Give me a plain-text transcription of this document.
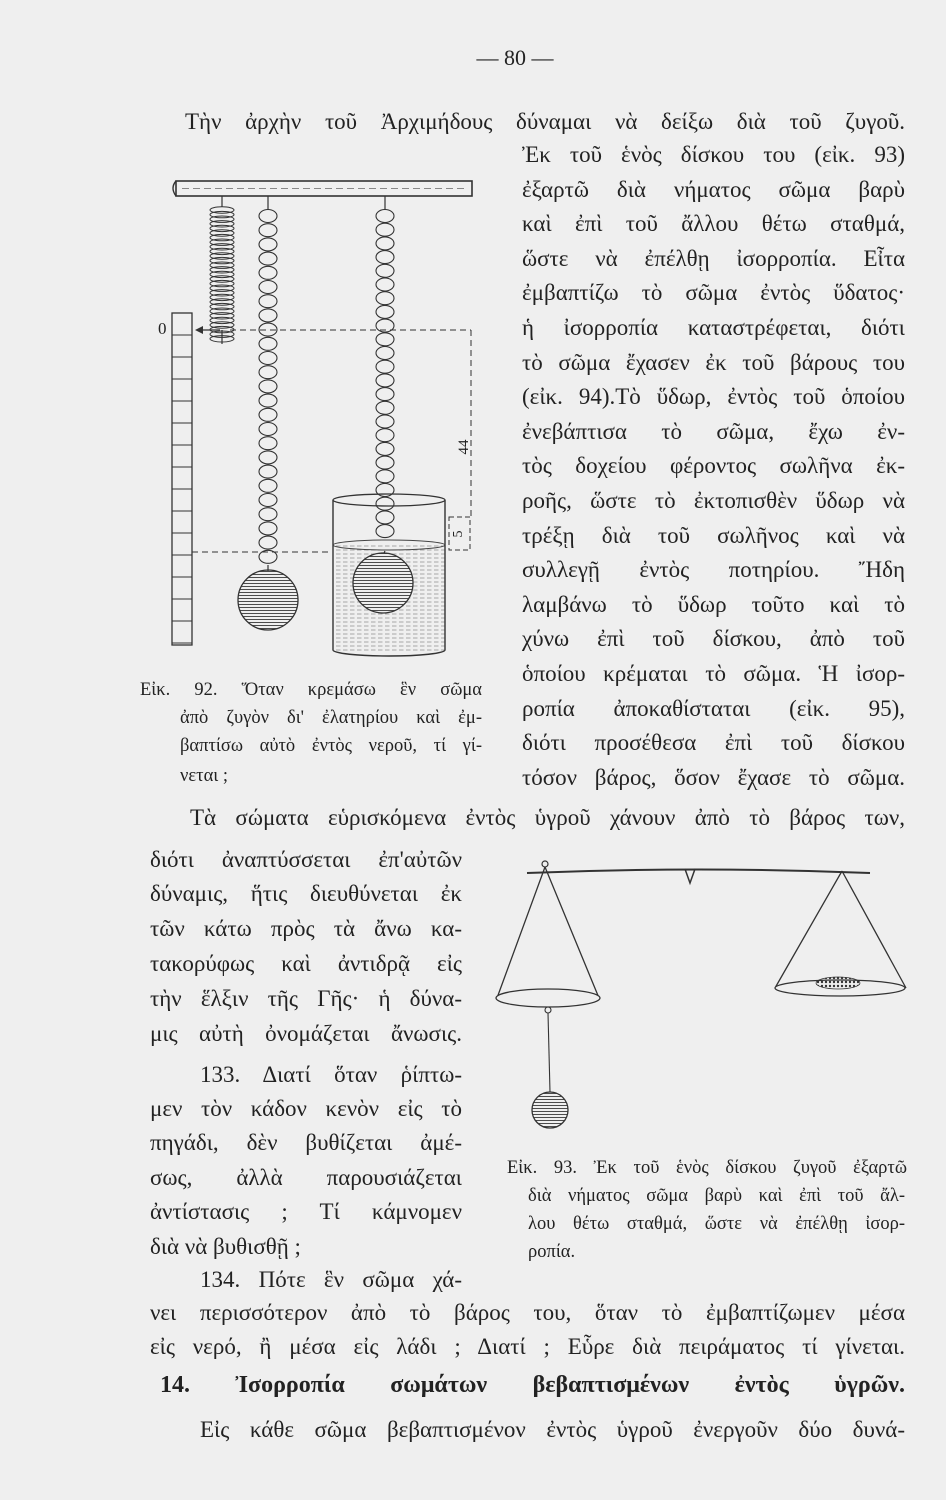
— 80 —
Τὴν ἀρχὴν τοῦ Ἀρχιμήδους δύναμαι νὰ δείξω διὰ τοῦ ζυγοῦ.
Ἐκ τοῦ ἑνὸς δίσκου του (εἰκ. 93)
ἐξαρτῶ διὰ νήματος σῶμα βαρὺ
καὶ ἐπὶ τοῦ ἄλλου θέτω σταθμά,
ὥστε νὰ ἐπέλθῃ ἰσορροπία. Εἶτα
ἐμβαπτίζω τὸ σῶμα ἐντὸς ὕδατος·
ἡ ἰσορροπία καταστρέφεται, διότι
τὸ σῶμα ἔχασεν ἐκ τοῦ βάρους του
(εἰκ. 94).Τὸ ὕδωρ, ἐντὸς τοῦ ὁποίου
ἐνεβάπτισα τὸ σῶμα, ἔχω ἐν-
τὸς δοχείου φέροντος σωλῆνα ἐκ-
ροῆς, ὥστε τὸ ἐκτοπισθὲν ὕδωρ νὰ
τρέξῃ διὰ τοῦ σωλῆνος καὶ νὰ
συλλεγῇ ἐντὸς ποτηρίου. Ἤδη
λαμβάνω τὸ ὕδωρ τοῦτο καὶ τὸ
χύνω ἐπὶ τοῦ δίσκου, ἀπὸ τοῦ
ὁποίου κρέμαται τὸ σῶμα. Ἡ ἰσορ-
ροπία ἀποκαθίσταται (εἰκ. 95),
διότι προσέθεσα ἐπὶ τοῦ δίσκου
τόσον βάρος, ὅσον ἔχασε τὸ σῶμα.
0
44
5
Εἰκ. 92. Ὅταν κρεμάσω ἓν σῶμα
ἀπὸ ζυγὸν δι' ἐλατηρίου καὶ ἐμ-
βαπτίσω αὐτὸ ἐντὸς νεροῦ, τί γί-
νεται ;
Τὰ σώματα εὑρισκόμενα ἐντὸς ὑγροῦ χάνουν ἀπὸ τὸ βάρος των,
διότι ἀναπτύσσεται ἐπ'αὐτῶν
δύναμις, ἥτις διευθύνεται ἐκ
τῶν κάτω πρὸς τὰ ἄνω κα-
τακορύφως καὶ ἀντιδρᾷ εἰς
τὴν ἕλξιν τῆς Γῆς· ἡ δύνα-
μις αὐτὴ ὀνομάζεται ἄνωσις.
133. Διατί ὅταν ῥίπτω-
μεν τὸν κάδον κενὸν εἰς τὸ
πηγάδι, δὲν βυθίζεται ἀμέ-
σως, ἀλλὰ παρουσιάζεται
ἀντίστασις ; Τί κάμνομεν
διὰ νὰ βυθισθῇ ;
134. Πότε ἓν σῶμα χά-
νει περισσότερον ἀπὸ τὸ βάρος του, ὅταν τὸ ἐμβαπτίζωμεν μέσα
εἰς νερό, ἢ μέσα εἰς λάδι ; Διατί ; Εὗρε διὰ πειράματος τί γίνεται.
Εἰκ. 93. Ἐκ τοῦ ἑνὸς δίσκου ζυγοῦ ἐξαρτῶ
διὰ νήματος σῶμα βαρὺ καὶ ἐπὶ τοῦ ἄλ-
λου θέτω σταθμά, ὥστε νὰ ἐπέλθῃ ἰσορ-
ροπία.
14. Ἰσορροπία σωμάτων βεβαπτισμένων ἐντὸς ὑγρῶν.
Εἰς κάθε σῶμα βεβαπτισμένον ἐντὸς ὑγροῦ ἐνεργοῦν δύο δυνά-
